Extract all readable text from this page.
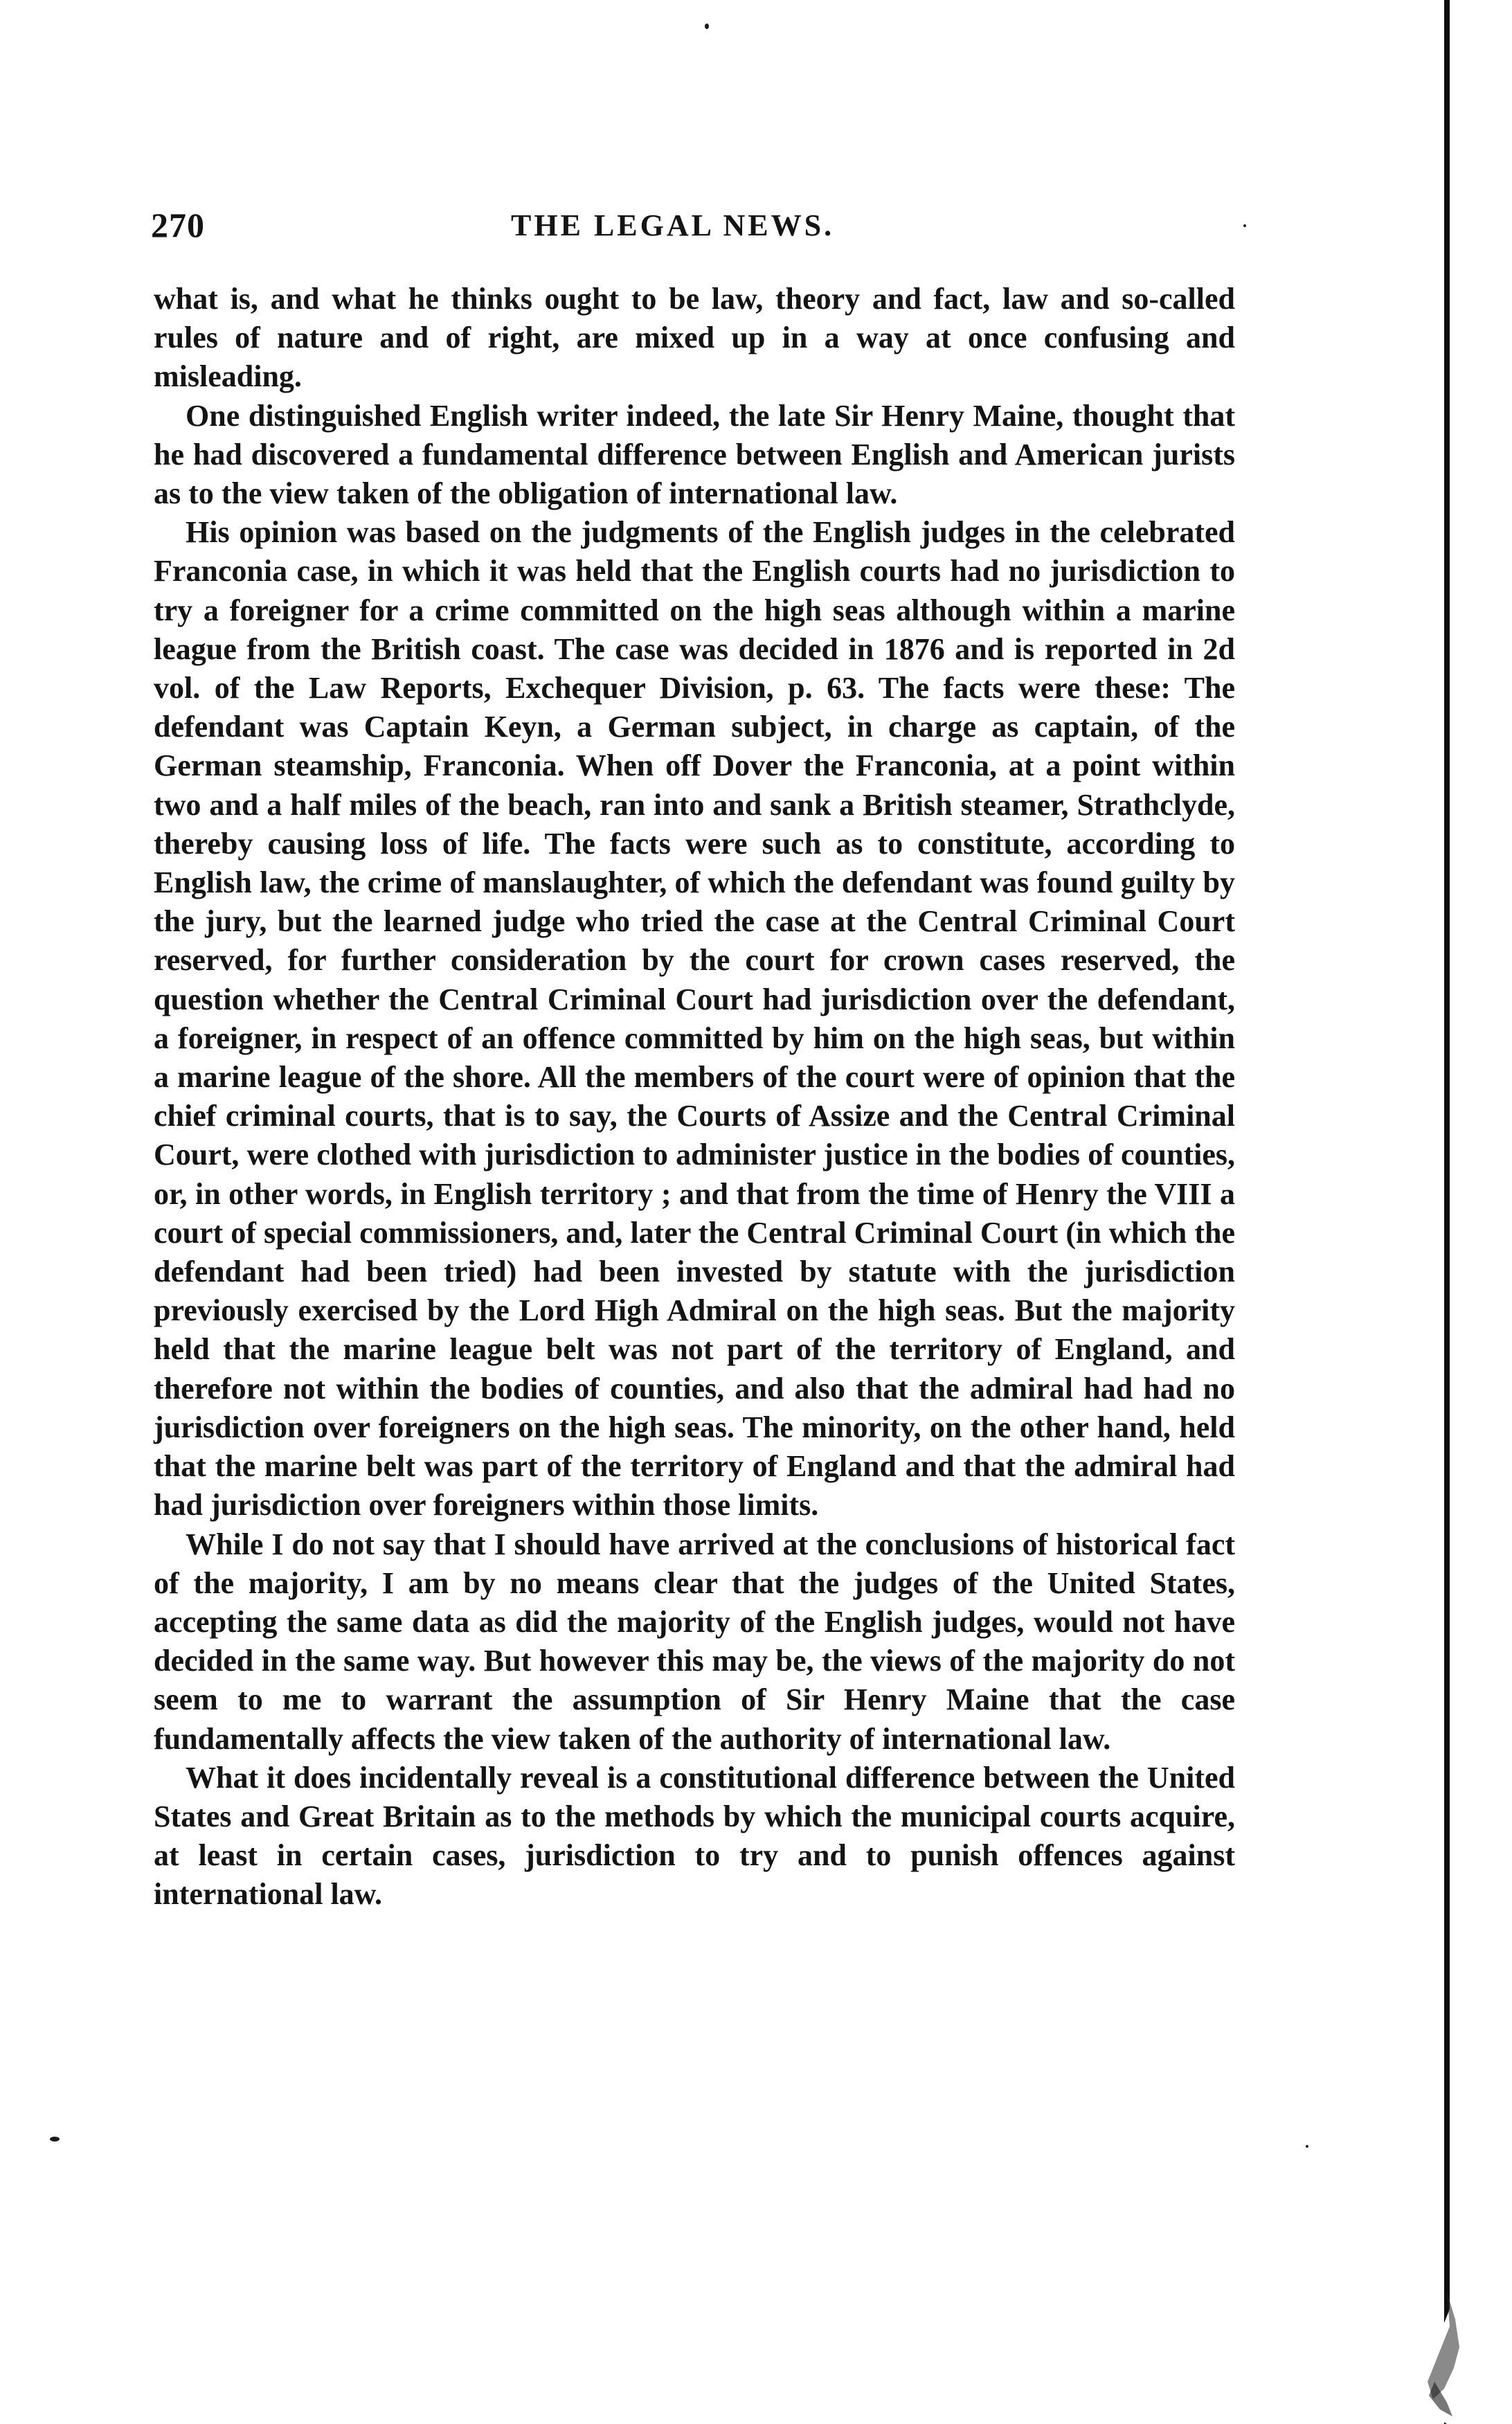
270	THE LEGAL NEWS.

what is, and what he thinks ought to be law, theory and fact, law and so-called rules of nature and of right, are mixed up in a way at once confusing and misleading.

One distinguished English writer indeed, the late Sir Henry Maine, thought that he had discovered a fundamental difference between English and American jurists as to the view taken of the obligation of international law.

His opinion was based on the judgments of the English judges in the celebrated Franconia case, in which it was held that the English courts had no jurisdiction to try a foreigner for a crime committed on the high seas although within a marine league from the British coast. The case was decided in 1876 and is reported in 2d vol. of the Law Reports, Exchequer Division, p. 63. The facts were these: The defendant was Captain Keyn, a German subject, in charge as captain, of the German steamship, Franconia. When off Dover the Franconia, at a point within two and a half miles of the beach, ran into and sank a British steamer, Strathclyde, thereby causing loss of life. The facts were such as to constitute, according to English law, the crime of manslaughter, of which the defendant was found guilty by the jury, but the learned judge who tried the case at the Central Criminal Court reserved, for further consideration by the court for crown cases reserved, the question whether the Central Criminal Court had jurisdiction over the defendant, a foreigner, in respect of an offence committed by him on the high seas, but within a marine league of the shore. All the members of the court were of opinion that the chief criminal courts, that is to say, the Courts of Assize and the Central Criminal Court, were clothed with jurisdiction to administer justice in the bodies of counties, or, in other words, in English territory ; and that from the time of Henry the VIII a court of special commissioners, and, later the Central Criminal Court (in which the defendant had been tried) had been invested by statute with the jurisdiction previously exercised by the Lord High Admiral on the high seas. But the majority held that the marine league belt was not part of the territory of England, and therefore not within the bodies of counties, and also that the admiral had had no jurisdiction over foreigners on the high seas. The minority, on the other hand, held that the marine belt was part of the territory of England and that the admiral had had jurisdiction over foreigners within those limits.

While I do not say that I should have arrived at the conclusions of historical fact of the majority, I am by no means clear that the judges of the United States, accepting the same data as did the majority of the English judges, would not have decided in the same way. But however this may be, the views of the majority do not seem to me to warrant the assumption of Sir Henry Maine that the case fundamentally affects the view taken of the authority of international law.

What it does incidentally reveal is a constitutional difference between the United States and Great Britain as to the methods by which the municipal courts acquire, at least in certain cases, jurisdiction to try and to punish offences against international law.
